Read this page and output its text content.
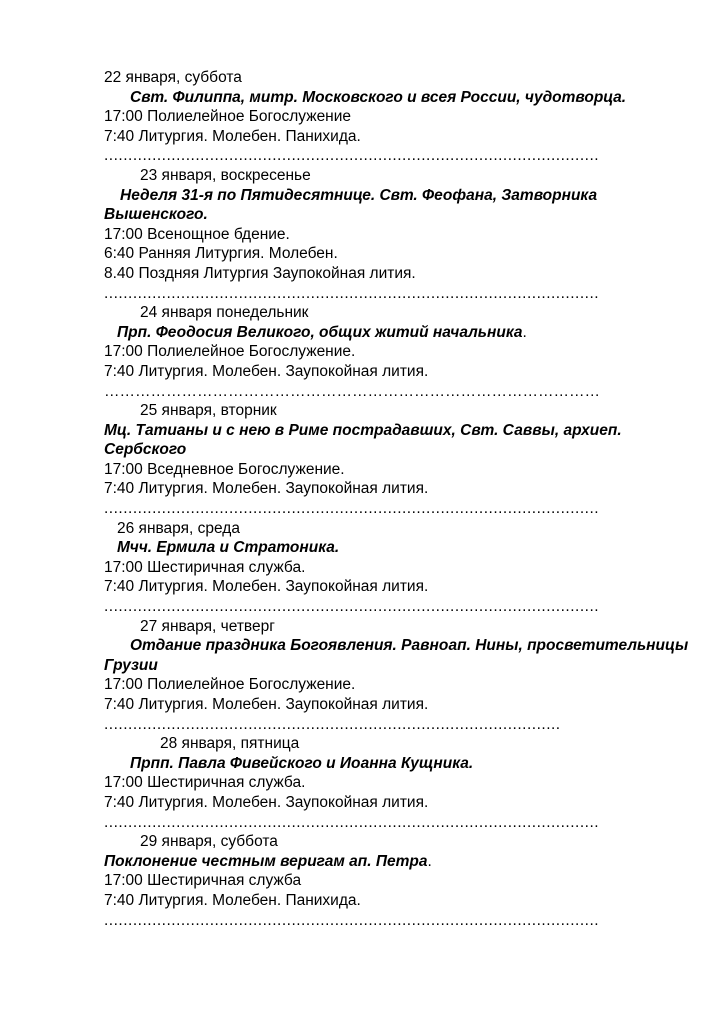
22 января, суббота
Свт. Филиппа, митр. Московского и всея России, чудотворца.
17:00 Полиелейное Богослужение
7:40 Литургия. Молебен. Панихида.
.......................................................................................................
23 января, воскресенье
Неделя 31-я по Пятидесятнице. Свт. Феофана, Затворника Вышенского.
17:00 Всенощное бдение.
6:40 Ранняя Литургия. Молебен.
8.40 Поздняя Литургия Заупокойная лития.
.......................................................................................................
24 января понедельник
Прп. Феодосия Великого, общих житий начальника.
17:00 Полиелейное Богослужение.
7:40 Литургия. Молебен. Заупокойная лития.
……………………………………………………………………………………
25 января, вторник
Мц. Татианы и с нею в Риме пострадавших, Свт. Саввы, архиеп. Сербского
17:00 Вседневное Богослужение.
7:40 Литургия. Молебен. Заупокойная лития.
.......................................................................................................
26 января, среда
Мчч. Ермила и Стратоника.
17:00 Шестиричная служба.
7:40 Литургия. Молебен. Заупокойная лития.
.......................................................................................................
27 января, четверг
Отдание праздника Богоявления. Равноап. Нины, просветительницы Грузии
17:00 Полиелейное Богослужение.
7:40 Литургия. Молебен. Заупокойная лития.
...............................................................................................
28 января, пятница
Прпп. Павла Фивейского и Иоанна Кущника.
17:00 Шестиричная служба.
7:40 Литургия. Молебен. Заупокойная лития.
.......................................................................................................
29 января, суббота
Поклонение честным веригам ап. Петра.
17:00 Шестиричная служба
7:40 Литургия. Молебен. Панихида.
.......................................................................................................
